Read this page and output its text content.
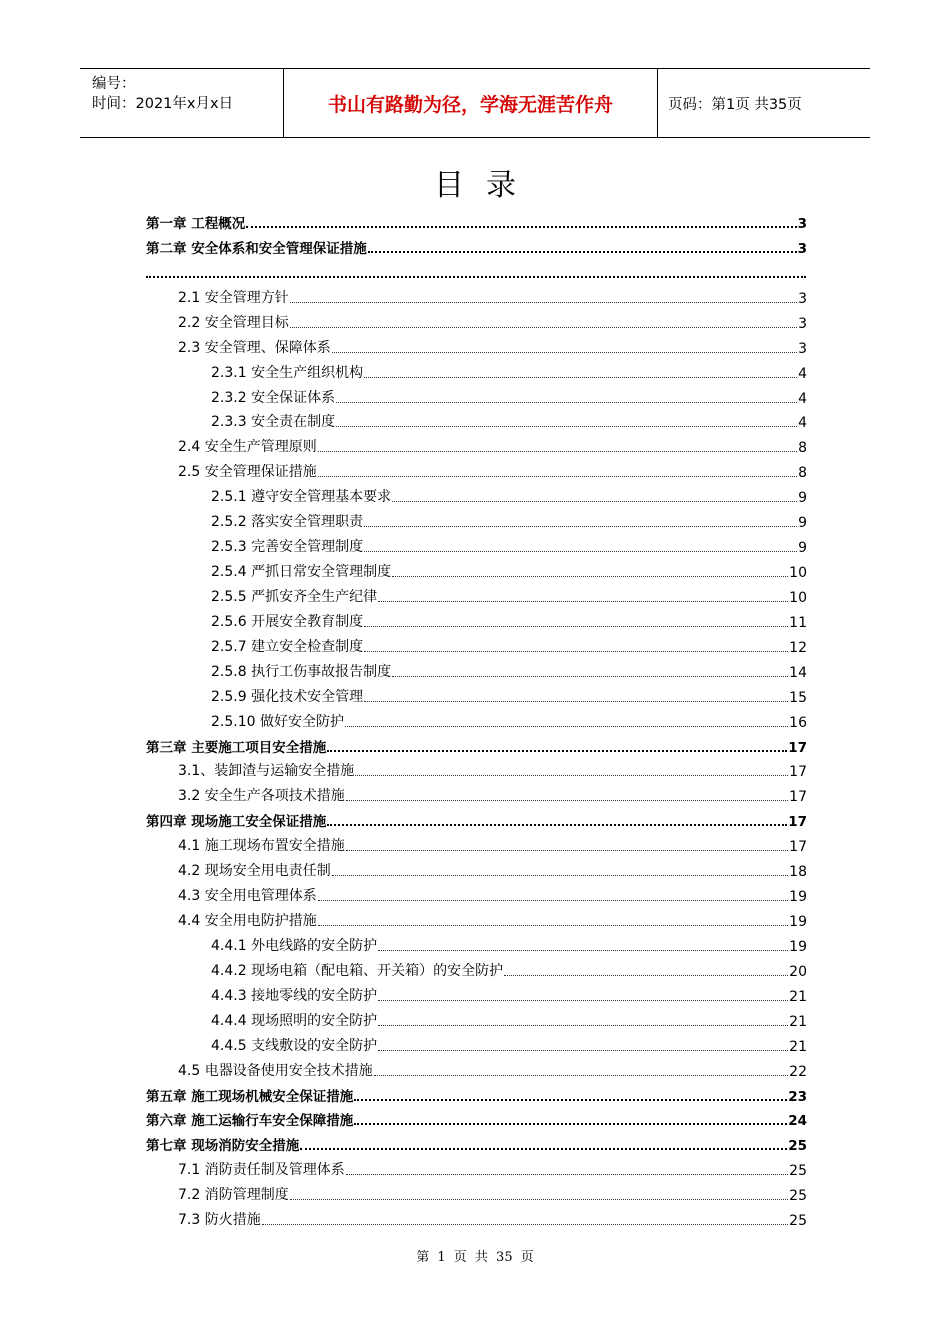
编号：
时间：2021年x月x日	书山有路勤为径，学海无涯苦作舟	页码：第1页 共35页
目录
第一章 工程概况	3
第二章 安全体系和安全管理保证措施	3
2.1 安全管理方针	3
2.2 安全管理目标	3
2.3 安全管理、保障体系	3
2.3.1 安全生产组织机构	4
2.3.2 安全保证体系	4
2.3.3 安全责在制度	4
2.4 安全生产管理原则	8
2.5 安全管理保证措施	8
2.5.1 遵守安全管理基本要求	9
2.5.2 落实安全管理职责	9
2.5.3 完善安全管理制度	9
2.5.4 严抓日常安全管理制度	10
2.5.5 严抓安齐全生产纪律	10
2.5.6 开展安全教育制度	11
2.5.7 建立安全检查制度	12
2.5.8 执行工伤事故报告制度	14
2.5.9 强化技术安全管理	15
2.5.10 做好安全防护	16
第三章 主要施工项目安全措施	17
3.1、装卸渣与运输安全措施	17
3.2 安全生产各项技术措施	17
第四章 现场施工安全保证措施	17
4.1 施工现场布置安全措施	17
4.2 现场安全用电责任制	18
4.3 安全用电管理体系	19
4.4 安全用电防护措施	19
4.4.1 外电线路的安全防护	19
4.4.2 现场电箱（配电箱、开关箱）的安全防护	20
4.4.3 接地零线的安全防护	21
4.4.4 现场照明的安全防护	21
4.4.5 支线敷设的安全防护	21
4.5 电器设备使用安全技术措施	22
第五章 施工现场机械安全保证措施	23
第六章 施工运输行车安全保障措施	24
第七章 现场消防安全措施	25
7.1 消防责任制及管理体系	25
7.2 消防管理制度	25
7.3 防火措施	25
第 1 页 共 35 页
